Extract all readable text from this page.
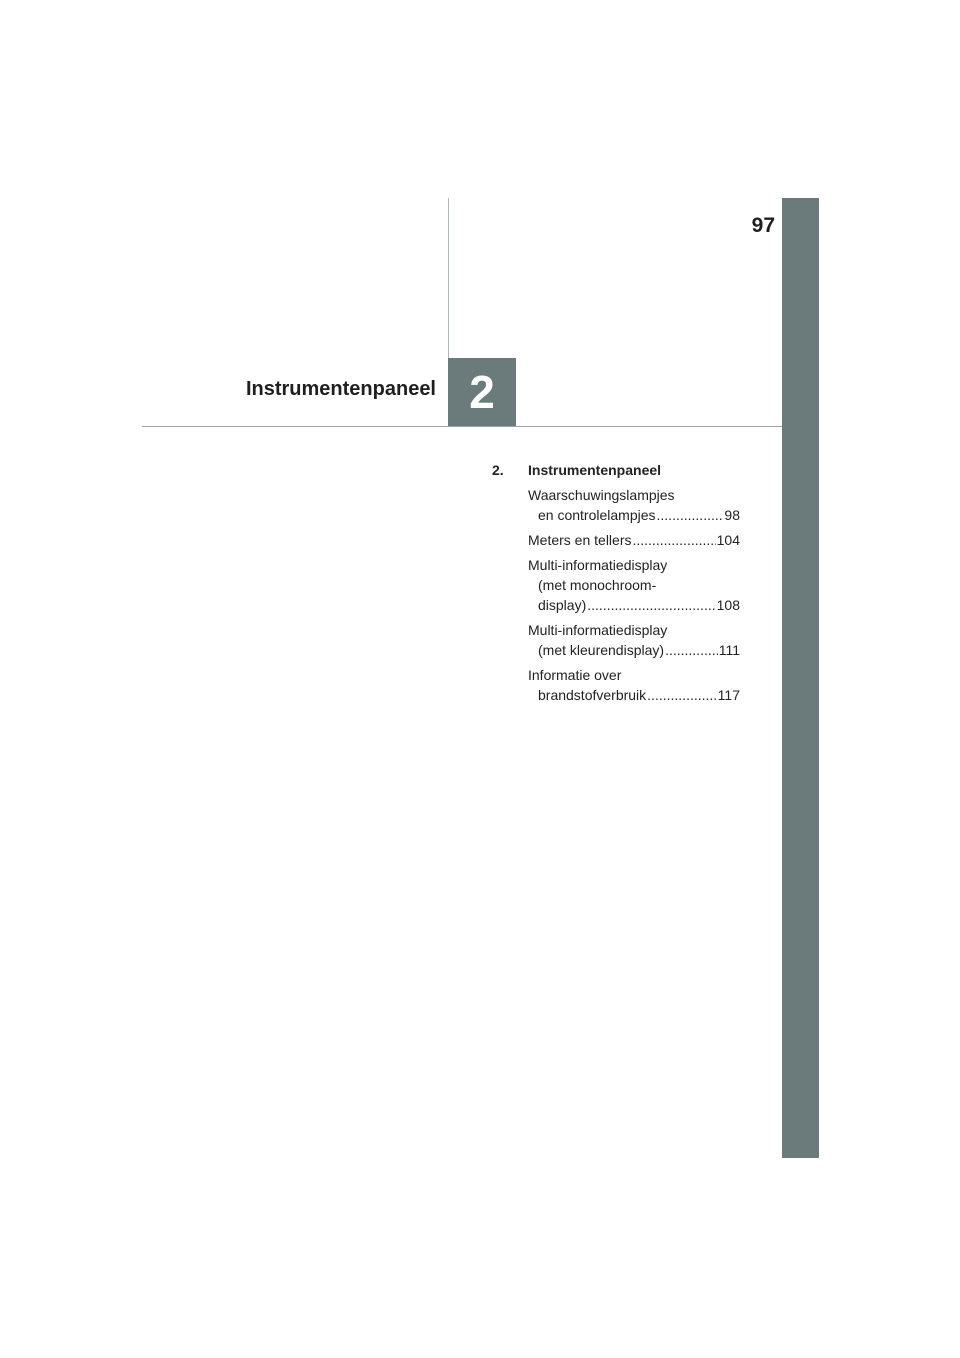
97
2
Instrumentenpaneel
2.	Instrumentenpaneel
Waarschuwingslampjes
en controlelampjes .....	98
Meters en tellers .....	104
Multi-informatiedisplay
(met monochroom-
display) .....	108
Multi-informatiedisplay
(met kleurendisplay) .....	111
Informatie over
brandstofverbruik .....	117
